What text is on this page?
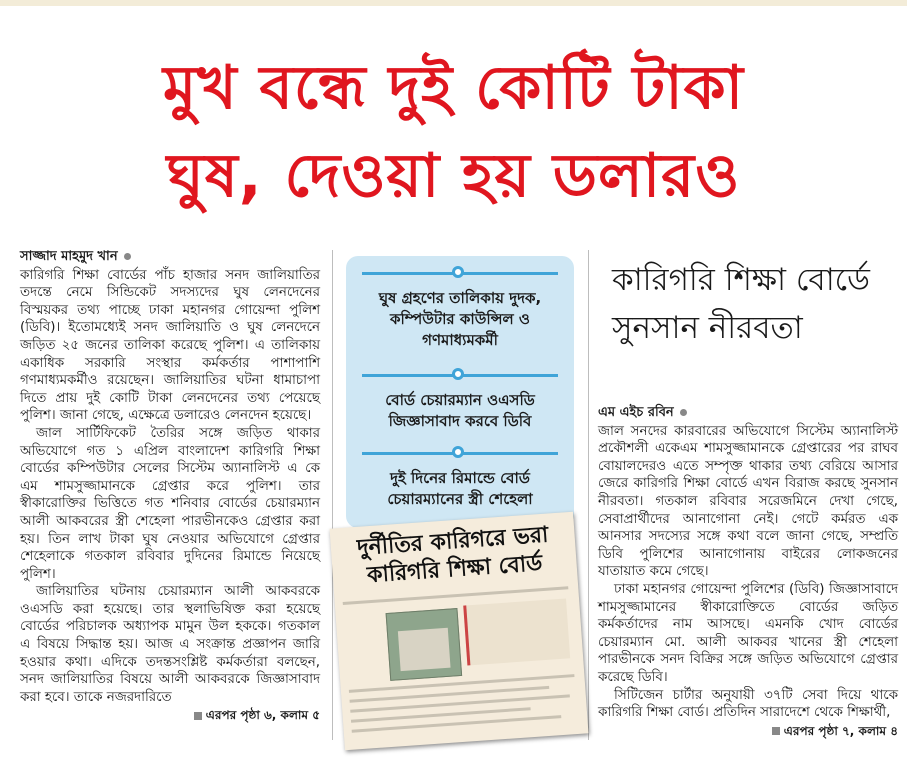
মুখ বন্ধে দুই কোটি টাকা
ঘুষ, দেওয়া হয় ডলারও
সাজ্জাদ মাহমুদ খান

কারিগরি শিক্ষা বোর্ডের পাঁচ হাজার সনদ জালিয়াতির তদন্তে নেমে সিন্ডিকেট সদস্যদের ঘুষ লেনদেনের বিস্ময়কর তথ্য পাচ্ছে ঢাকা মহানগর গোয়েন্দা পুলিশ (ডিবি)। ইতোমধ্যেই সনদ জালিয়াতি ও ঘুষ লেনদেনে জড়িত ২৫ জনের তালিকা করেছে পুলিশ। এ তালিকায় একাধিক সরকারি সংস্থার কর্মকর্তার পাশাপাশি গণমাধ্যমকর্মীও রয়েছেন। জালিয়াতির ঘটনা ধামাচাপা দিতে প্রায় দুই কোটি টাকা লেনদেনের তথ্য পেয়েছে পুলিশ। জানা গেছে, এক্ষেত্রে ডলারেও লেনদেন হয়েছে।

জাল সার্টিফিকেট তৈরির সঙ্গে জড়িত থাকার অভিযোগে গত ১ এপ্রিল বাংলাদেশ কারিগরি শিক্ষা বোর্ডের কম্পিউটার সেলের সিস্টেম অ্যানালিস্ট এ কে এম শামসুজ্জামানকে গ্রেপ্তার করে পুলিশ। তার স্বীকারোক্তির ভিত্তিতে গত শনিবার বোর্ডের চেয়ারম্যান আলী আকবরের স্ত্রী শেহেলা পারভীনকেও গ্রেপ্তার করা হয়। তিন লাখ টাকা ঘুষ নেওয়ার অভিযোগে গ্রেপ্তার শেহেলাকে গতকাল রবিবার দুদিনের রিমান্ডে নিয়েছে পুলিশ।

জালিয়াতির ঘটনায় চেয়ারম্যান আলী আকবরকে ওএসডি করা হয়েছে। তার স্থলাভিষিক্ত করা হয়েছে বোর্ডের পরিচালক অধ্যাপক মামুন উল হককে। গতকাল এ বিষয়ে সিদ্ধান্ত হয়। আজ এ সংক্রান্ত প্রজ্ঞাপন জারি হওয়ার কথা। এদিকে তদন্তসংশ্লিষ্ট কর্মকর্তারা বলছেন, সনদ জালিয়াতির বিষয়ে আলী আকবরকে জিজ্ঞাসাবাদ করা হবে। তাকে নজরদারিতে

এরপর পৃষ্ঠা ৬, কলাম ৫
ঘুষ গ্রহণের তালিকায় দুদক, কম্পিউটার কাউন্সিল ও গণমাধ্যমকর্মী
বোর্ড চেয়ারম্যান ওএসডি জিজ্ঞাসাবাদ করবে ডিবি
দুই দিনের রিমান্ডে বোর্ড চেয়ারম্যানের স্ত্রী শেহেলা
দুর্নীতির কারিগরে ভরা কারিগরি শিক্ষা বোর্ড
কারিগরি শিক্ষা বোর্ডে সুনসান নীরবতা
এম এইচ রবিন

জাল সনদের কারবারের অভিযোগে সিস্টেম অ্যানালিস্ট প্রকৌশলী একেএম শামসুজ্জামানকে গ্রেপ্তারের পর রাঘব বোয়ালদেরও এতে সম্পৃক্ত থাকার তথ্য বেরিয়ে আসার জেরে কারিগরি শিক্ষা বোর্ডে এখন বিরাজ করছে সুনসান নীরবতা। গতকাল রবিবার সরেজমিনে দেখা গেছে, সেবাপ্রার্থীদের আনাগোনা নেই। গেটে কর্মরত এক আনসার সদস্যের সঙ্গে কথা বলে জানা গেছে, সম্প্রতি ডিবি পুলিশের আনাগোনায় বাইরের লোকজনের যাতায়াত কমে গেছে।

ঢাকা মহানগর গোয়েন্দা পুলিশের (ডিবি) জিজ্ঞাসাবাদে শামসুজ্জামানের স্বীকারোক্তিতে বোর্ডের জড়িত কর্মকর্তাদের নাম আসছে। এমনকি খোদ বোর্ডের চেয়ারম্যান মো. আলী আকবর খানের স্ত্রী শেহেলা পারভীনকে সনদ বিক্রির সঙ্গে জড়িত অভিযোগে গ্রেপ্তার করেছে ডিবি।

সিটিজেন চার্টার অনুযায়ী ৩৭টি সেবা দিয়ে থাকে কারিগরি শিক্ষা বোর্ড। প্রতিদিন সারাদেশে থেকে শিক্ষার্থী,

এরপর পৃষ্ঠা ৭, কলাম ৪
